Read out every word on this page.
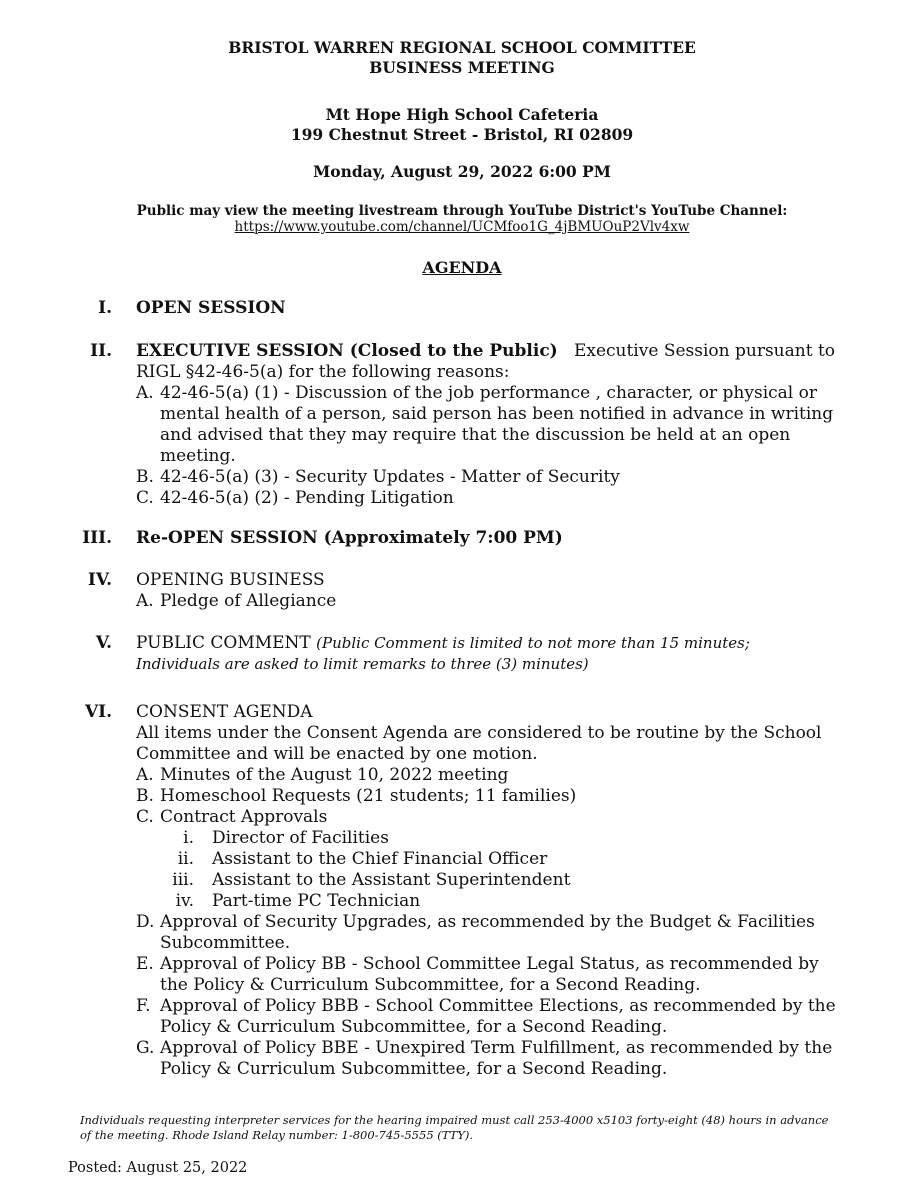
BRISTOL WARREN REGIONAL SCHOOL COMMITTEE
BUSINESS MEETING
Mt Hope High School Cafeteria
199 Chestnut Street - Bristol, RI 02809
Monday, August 29, 2022 6:00 PM
Public may view the meeting livestream through YouTube District's YouTube Channel:
https://www.youtube.com/channel/UCMfoo1G_4jBMUOuP2Vlv4xw
AGENDA
I. OPEN SESSION
II. EXECUTIVE SESSION (Closed to the Public) Executive Session pursuant to
RIGL §42-46-5(a) for the following reasons:
A. 42-46-5(a) (1) - Discussion of the job performance , character, or physical or mental health of a person, said person has been notified in advance in writing and advised that they may require that the discussion be held at an open meeting.
B. 42-46-5(a) (3) - Security Updates - Matter of Security
C. 42-46-5(a) (2) - Pending Litigation
III. Re-OPEN SESSION (Approximately 7:00 PM)
IV. OPENING BUSINESS
A. Pledge of Allegiance
V. PUBLIC COMMENT (Public Comment is limited to not more than 15 minutes; Individuals are asked to limit remarks to three (3) minutes)
VI. CONSENT AGENDA
All items under the Consent Agenda are considered to be routine by the School Committee and will be enacted by one motion.
A. Minutes of the August 10, 2022 meeting
B. Homeschool Requests (21 students; 11 families)
C. Contract Approvals
i. Director of Facilities
ii. Assistant to the Chief Financial Officer
iii. Assistant to the Assistant Superintendent
iv. Part-time PC Technician
D. Approval of Security Upgrades, as recommended by the Budget & Facilities Subcommittee.
E. Approval of Policy BB - School Committee Legal Status, as recommended by the Policy & Curriculum Subcommittee, for a Second Reading.
F. Approval of Policy BBB - School Committee Elections, as recommended by the Policy & Curriculum Subcommittee, for a Second Reading.
G. Approval of Policy BBE - Unexpired Term Fulfillment, as recommended by the Policy & Curriculum Subcommittee, for a Second Reading.
Individuals requesting interpreter services for the hearing impaired must call 253-4000 x5103 forty-eight (48) hours in advance of the meeting. Rhode Island Relay number: 1-800-745-5555 (TTY).
Posted: August 25, 2022
